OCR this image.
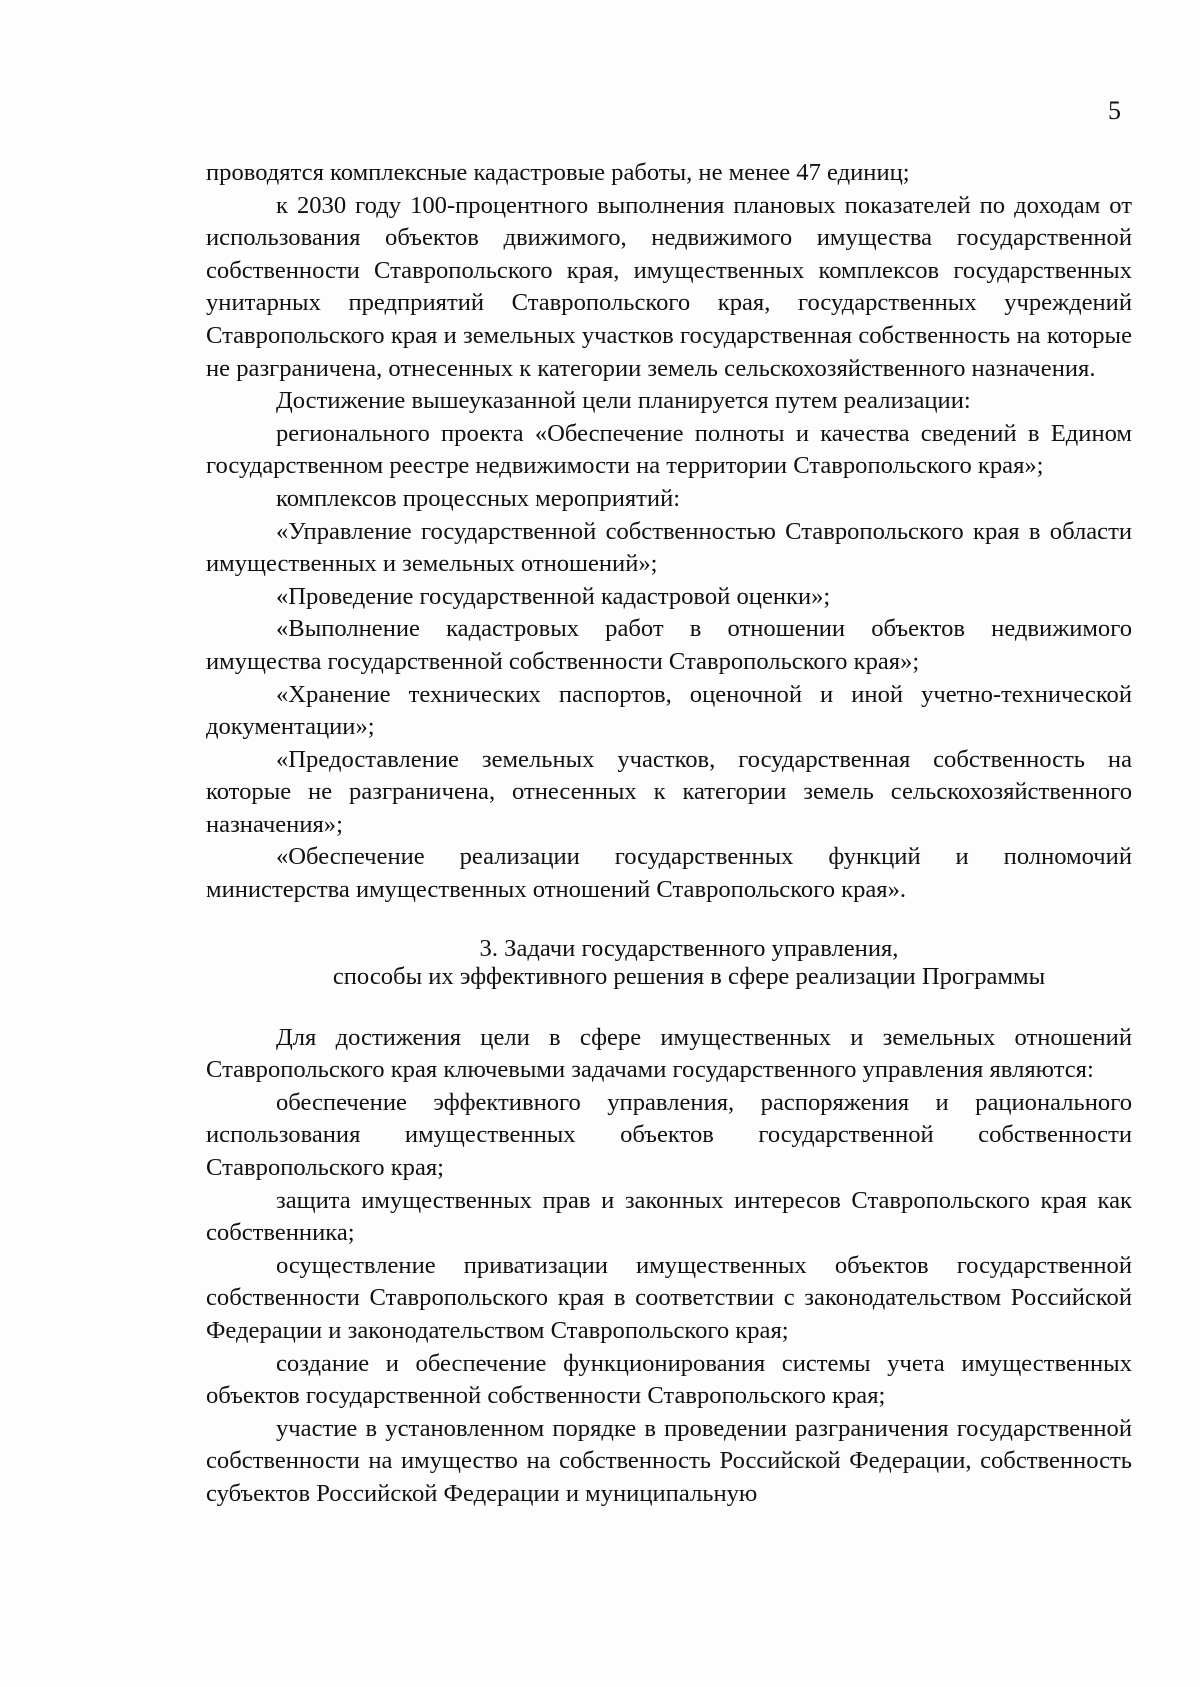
5

проводятся комплексные кадастровые работы, не менее 47 единиц;

к 2030 году 100-процентного выполнения плановых показателей по доходам от использования объектов движимого, недвижимого имущества государственной собственности Ставропольского края, имущественных комплексов государственных унитарных предприятий Ставропольского края, государственных учреждений Ставропольского края и земельных участков государственная собственность на которые не разграничена, отнесенных к категории земель сельскохозяйственного назначения.

Достижение вышеуказанной цели планируется путем реализации:

регионального проекта «Обеспечение полноты и качества сведений в Едином государственном реестре недвижимости на территории Ставропольского края»;

комплексов процессных мероприятий:

«Управление государственной собственностью Ставропольского края в области имущественных и земельных отношений»;

«Проведение государственной кадастровой оценки»;

«Выполнение кадастровых работ в отношении объектов недвижимого имущества государственной собственности Ставропольского края»;

«Хранение технических паспортов, оценочной и иной учетно-технической документации»;

«Предоставление земельных участков, государственная собственность на которые не разграничена, отнесенных к категории земель сельскохозяйственного назначения»;

«Обеспечение реализации государственных функций и полномочий министерства имущественных отношений Ставропольского края».

3. Задачи государственного управления,
способы их эффективного решения в сфере реализации Программы

Для достижения цели в сфере имущественных и земельных отношений Ставропольского края ключевыми задачами государственного управления являются:

обеспечение эффективного управления, распоряжения и рационального использования имущественных объектов государственной собственности Ставропольского края;

защита имущественных прав и законных интересов Ставропольского края как собственника;

осуществление приватизации имущественных объектов государственной собственности Ставропольского края в соответствии с законодательством Российской Федерации и законодательством Ставропольского края;

создание и обеспечение функционирования системы учета имущественных объектов государственной собственности Ставропольского края;

участие в установленном порядке в проведении разграничения государственной собственности на имущество на собственность Российской Федерации, собственность субъектов Российской Федерации и муниципальную
